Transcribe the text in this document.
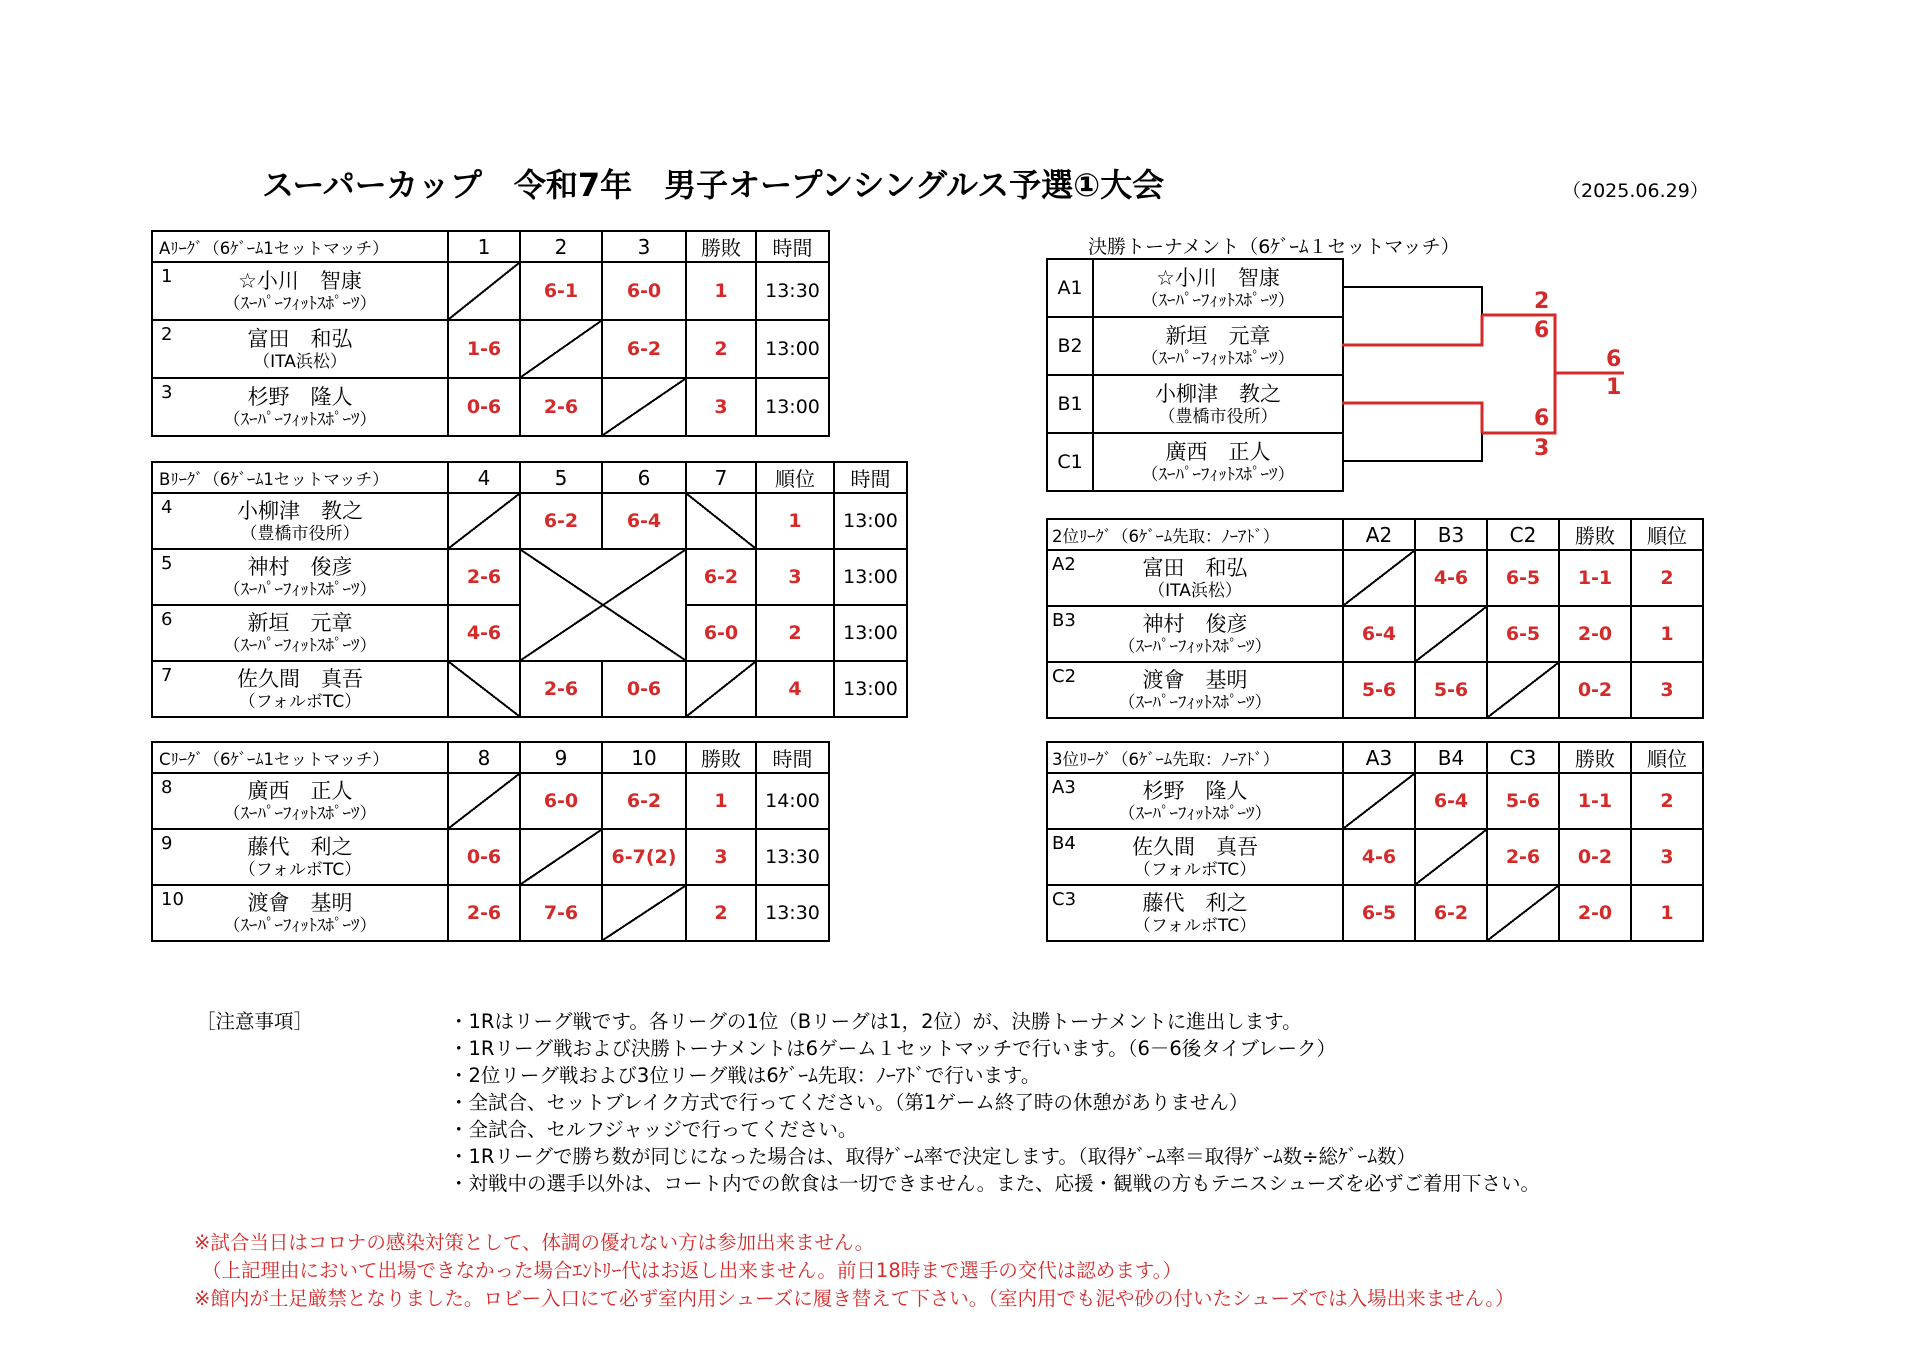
スーパーカップ　令和7年　男子オープンシングルス予選①大会	（2025.06.29）
Aﾘｰｸﾞ（6ｹﾞｰﾑ1セットマッチ）	1	2	3	勝敗	時間

1 ☆小川　智康
（ｽｰﾊﾟｰﾌｨｯﾄｽﾎﾟｰﾂ）		6-1	6-0	1	13:30

2 富田　和弘
（ITA浜松）	1-6		6-2	2	13:00

3 杉野　隆人
（ｽｰﾊﾟｰﾌｨｯﾄｽﾎﾟｰﾂ）	0-6	2-6		3	13:00
Bﾘｰｸﾞ（6ｹﾞｰﾑ1セットマッチ）	4	5	6	7	順位	時間

4 小柳津　教之
（豊橋市役所）		6-2	6-4		1	13:00

5 神村　俊彦
（ｽｰﾊﾟｰﾌｨｯﾄｽﾎﾟｰﾂ）	2-6			6-2	3	13:00

6 新垣　元章
（ｽｰﾊﾟｰﾌｨｯﾄｽﾎﾟｰﾂ）	4-6			6-0	2	13:00

7 佐久間　真吾
（フォルボTC）		2-6	0-6		4	13:00
Cﾘｰｸﾞ（6ｹﾞｰﾑ1セットマッチ）	8	9	10	勝敗	時間

8 廣西　正人
（ｽｰﾊﾟｰﾌｨｯﾄｽﾎﾟｰﾂ）		6-0	6-2	1	14:00

9 藤代　利之
（フォルボTC）	0-6		6-7(2)	3	13:30

10 渡會　基明
（ｽｰﾊﾟｰﾌｨｯﾄｽﾎﾟｰﾂ）	2-6	7-6		2	13:30
決勝トーナメント（6ｹﾞｰﾑ１セットマッチ）
A1	☆小川　智康
（ｽｰﾊﾟｰﾌｨｯﾄｽﾎﾟｰﾂ）

B2	新垣　元章
（ｽｰﾊﾟｰﾌｨｯﾄｽﾎﾟｰﾂ）

B1	小柳津　教之
（豊橋市役所）

C1	廣西　正人
（ｽｰﾊﾟｰﾌｨｯﾄｽﾎﾟｰﾂ）
2
6
6
3
6
1
2位ﾘｰｸﾞ（6ｹﾞｰﾑ先取：ﾉｰｱﾄﾞ）	A2	B3	C2	勝敗	順位

A2 富田　和弘
（ITA浜松）		4-6	6-5	1-1	2

B3 神村　俊彦
（ｽｰﾊﾟｰﾌｨｯﾄｽﾎﾟｰﾂ）	6-4		6-5	2-0	1

C2 渡會　基明
（ｽｰﾊﾟｰﾌｨｯﾄｽﾎﾟｰﾂ）	5-6	5-6		0-2	3
3位ﾘｰｸﾞ（6ｹﾞｰﾑ先取：ﾉｰｱﾄﾞ）	A3	B4	C3	勝敗	順位

A3 杉野　隆人
（ｽｰﾊﾟｰﾌｨｯﾄｽﾎﾟｰﾂ）		6-4	5-6	1-1	2

B4 佐久間　真吾
（フォルボTC）	4-6		2-6	0-2	3

C3 藤代　利之
（フォルボTC）	6-5	6-2		2-0	1
［注意事項］	・1Rはリーグ戦です。各リーグの1位（Bリーグは1，2位）が、決勝トーナメントに進出します。
・1Rリーグ戦および決勝トーナメントは6ゲーム１セットマッチで行います。（6－6後タイブレーク）
・2位リーグ戦および3位リーグ戦は6ｹﾞｰﾑ先取：ﾉｰｱﾄﾞで行います。
・全試合、セットブレイク方式で行ってください。（第1ゲーム終了時の休憩がありません）
・全試合、セルフジャッジで行ってください。
・1Rリーグで勝ち数が同じになった場合は、取得ｹﾞｰﾑ率で決定します。（取得ｹﾞｰﾑ率＝取得ｹﾞｰﾑ数÷総ｹﾞｰﾑ数）
・対戦中の選手以外は、コート内での飲食は一切できません。また、応援・観戦の方もテニスシューズを必ずご着用下さい。
※試合当日はコロナの感染対策として、体調の優れない方は参加出来ません。
（上記理由において出場できなかった場合ｴﾝﾄﾘｰ代はお返し出来ません。前日18時まで選手の交代は認めます。）
※館内が土足厳禁となりました。ロビー入口にて必ず室内用シューズに履き替えて下さい。（室内用でも泥や砂の付いたシューズでは入場出来ません。）
